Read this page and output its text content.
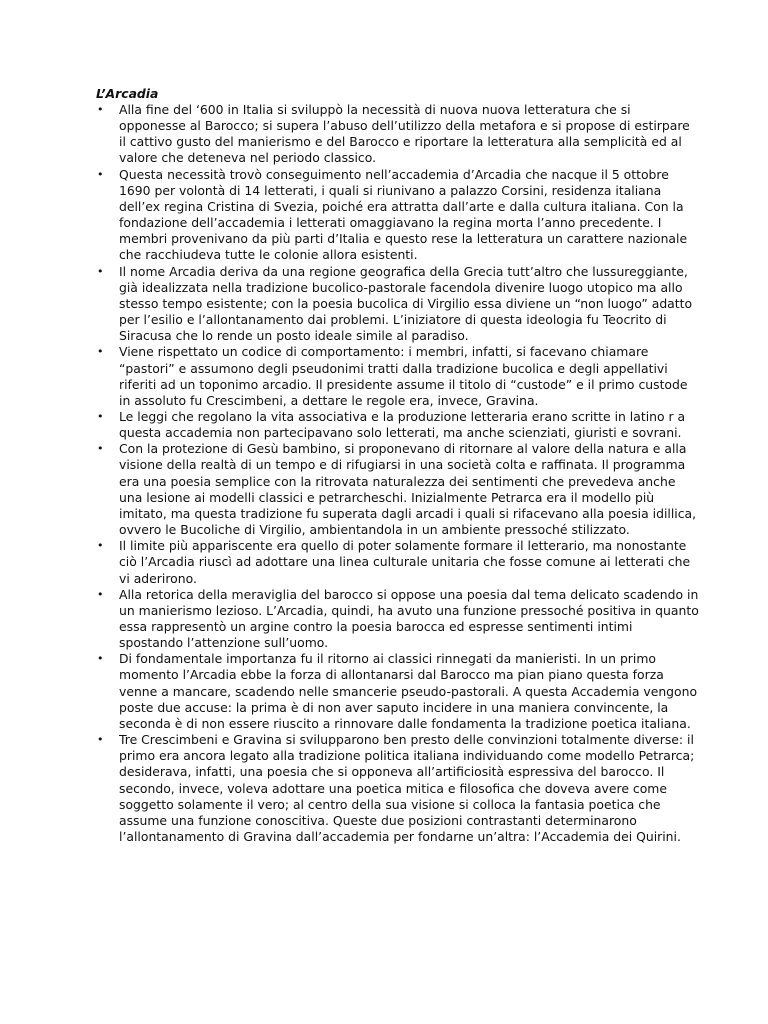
L’Arcadia

• Alla fine del ‘600 in Italia si sviluppò la necessità di nuova nuova letteratura che si opponesse al Barocco; si supera l’abuso dell’utilizzo della metafora e si propose di estirpare il cattivo gusto del manierismo e del Barocco e riportare la letteratura alla semplicità ed al valore che deteneva nel periodo classico.
• Questa necessità trovò conseguimento nell’accademia d’Arcadia che nacque il 5 ottobre 1690 per volontà di 14 letterati, i quali si riunivano a palazzo Corsini, residenza italiana dell’ex regina Cristina di Svezia, poiché era attratta dall’arte e dalla cultura italiana. Con la fondazione dell’accademia i letterati omaggiavano la regina morta l’anno precedente. I membri provenivano da più parti d’Italia e questo rese la letteratura un carattere nazionale che racchiudeva tutte le colonie allora esistenti.
• Il nome Arcadia deriva da una regione geografica della Grecia tutt’altro che lussureggiante, già idealizzata nella tradizione bucolico-pastorale facendola divenire luogo utopico ma allo stesso tempo esistente; con la poesia bucolica di Virgilio essa diviene un “non luogo” adatto per l’esilio e l’allontanamento dai problemi. L’iniziatore di questa ideologia fu Teocrito di Siracusa che lo rende un posto ideale simile al paradiso.
• Viene rispettato un codice di comportamento: i membri, infatti, si facevano chiamare “pastori” e assumono degli pseudonimi tratti dalla tradizione bucolica e degli appellativi riferiti ad un toponimo arcadio. Il presidente assume il titolo di “custode” e il primo custode in assoluto fu Crescimbeni, a dettare le regole era, invece, Gravina.
• Le leggi che regolano la vita associativa e la produzione letteraria erano scritte in latino r a questa accademia non partecipavano solo letterati, ma anche scienziati, giuristi e sovrani.
• Con la protezione di Gesù bambino, si proponevano di ritornare al valore della natura e alla visione della realtà di un tempo e di rifugiarsi in una società colta e raffinata. Il programma era una poesia semplice con la ritrovata naturalezza dei sentimenti che prevedeva anche una lesione ai modelli classici e petrarcheschi. Inizialmente Petrarca era il modello più imitato, ma questa tradizione fu superata dagli arcadi i quali si rifacevano alla poesia idillica, ovvero le Bucoliche di Virgilio, ambientandola in un ambiente pressoché stilizzato.
• Il limite più appariscente era quello di poter solamente formare il letterario, ma nonostante ciò l’Arcadia riuscì ad adottare una linea culturale unitaria che fosse comune ai letterati che vi aderirono.
• Alla retorica della meraviglia del barocco si oppose una poesia dal tema delicato scadendo in un manierismo lezioso. L’Arcadia, quindi, ha avuto una funzione pressoché positiva in quanto essa rappresentò un argine contro la poesia barocca ed espresse sentimenti intimi spostando l’attenzione sull’uomo.
• Di fondamentale importanza fu il ritorno ai classici rinnegati da manieristi. In un primo momento l’Arcadia ebbe la forza di allontanarsi dal Barocco ma pian piano questa forza venne a mancare, scadendo nelle smancerie pseudo-pastorali. A questa Accademia vengono poste due accuse: la prima è di non aver saputo incidere in una maniera convincente, la seconda è di non essere riuscito a rinnovare dalle fondamenta la tradizione poetica italiana.
• Tre Crescimbeni e Gravina si svilupparono ben presto delle convinzioni totalmente diverse: il primo era ancora legato alla tradizione politica italiana individuando come modello Petrarca; desiderava, infatti, una poesia che si opponeva all’artificiosità espressiva del barocco. Il secondo, invece, voleva adottare una poetica mitica e filosofica che doveva avere come soggetto solamente il vero; al centro della sua visione si colloca la fantasia poetica che assume una funzione conoscitiva. Queste due posizioni contrastanti determinarono l’allontanamento di Gravina dall’accademia per fondarne un’altra: l’Accademia dei Quirini.
